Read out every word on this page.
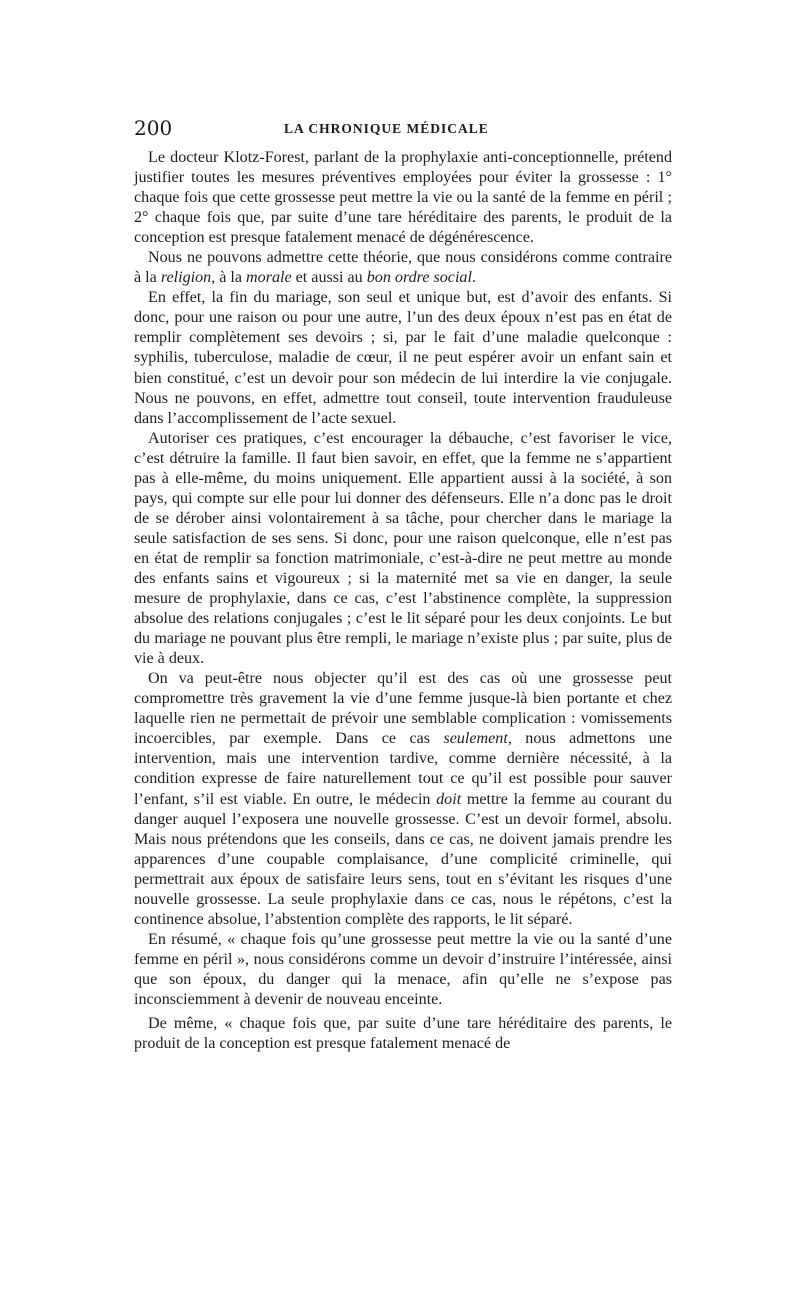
200	LA CHRONIQUE MÉDICALE

Le docteur Klotz-Forest, parlant de la prophylaxie anti-conceptionnelle, prétend justifier toutes les mesures préventives employées pour éviter la grossesse : 1° chaque fois que cette grossesse peut mettre la vie ou la santé de la femme en péril ; 2° chaque fois que, par suite d’une tare héréditaire des parents, le produit de la conception est presque fatalement menacé de dégénérescence.

Nous ne pouvons admettre cette théorie, que nous considérons comme contraire à la religion, à la morale et aussi au bon ordre social.

En effet, la fin du mariage, son seul et unique but, est d’avoir des enfants. Si donc, pour une raison ou pour une autre, l’un des deux époux n’est pas en état de remplir complètement ses devoirs ; si, par le fait d’une maladie quelconque : syphilis, tuberculose, maladie de cœur, il ne peut espérer avoir un enfant sain et bien constitué, c’est un devoir pour son médecin de lui interdire la vie conjugale. Nous ne pouvons, en effet, admettre tout conseil, toute intervention frauduleuse dans l’accomplissement de l’acte sexuel.

Autoriser ces pratiques, c’est encourager la débauche, c’est favoriser le vice, c’est détruire la famille. Il faut bien savoir, en effet, que la femme ne s’appartient pas à elle-même, du moins uniquement. Elle appartient aussi à la société, à son pays, qui compte sur elle pour lui donner des défenseurs. Elle n’a donc pas le droit de se dérober ainsi volontairement à sa tâche, pour chercher dans le mariage la seule satisfaction de ses sens. Si donc, pour une raison quelconque, elle n’est pas en état de remplir sa fonction matrimoniale, c’est-à-dire ne peut mettre au monde des enfants sains et vigoureux ; si la maternité met sa vie en danger, la seule mesure de prophylaxie, dans ce cas, c’est l’abstinence complète, la suppression absolue des relations conjugales ; c’est le lit séparé pour les deux conjoints. Le but du mariage ne pouvant plus être rempli, le mariage n’existe plus ; par suite, plus de vie à deux.

On va peut-être nous objecter qu’il est des cas où une grossesse peut compromettre très gravement la vie d’une femme jusque-là bien portante et chez laquelle rien ne permettait de prévoir une semblable complication : vomissements incoercibles, par exemple. Dans ce cas seulement, nous admettons une intervention, mais une intervention tardive, comme dernière nécessité, à la condition expresse de faire naturellement tout ce qu’il est possible pour sauver l’enfant, s’il est viable. En outre, le médecin doit mettre la femme au courant du danger auquel l’exposera une nouvelle grossesse. C’est un devoir formel, absolu. Mais nous prétendons que les conseils, dans ce cas, ne doivent jamais prendre les apparences d’une coupable complaisance, d’une complicité criminelle, qui permettrait aux époux de satisfaire leurs sens, tout en s’évitant les risques d’une nouvelle grossesse. La seule prophylaxie dans ce cas, nous le répétons, c’est la continence absolue, l’abstention complète des rapports, le lit séparé.

En résumé, « chaque fois qu’une grossesse peut mettre la vie ou la santé d’une femme en péril », nous considérons comme un devoir d’instruire l’intéressée, ainsi que son époux, du danger qui la menace, afin qu’elle ne s’expose pas inconsciemment à devenir de nouveau enceinte.

De même, « chaque fois que, par suite d’une tare héréditaire des parents, le produit de la conception est presque fatalement menacé de
